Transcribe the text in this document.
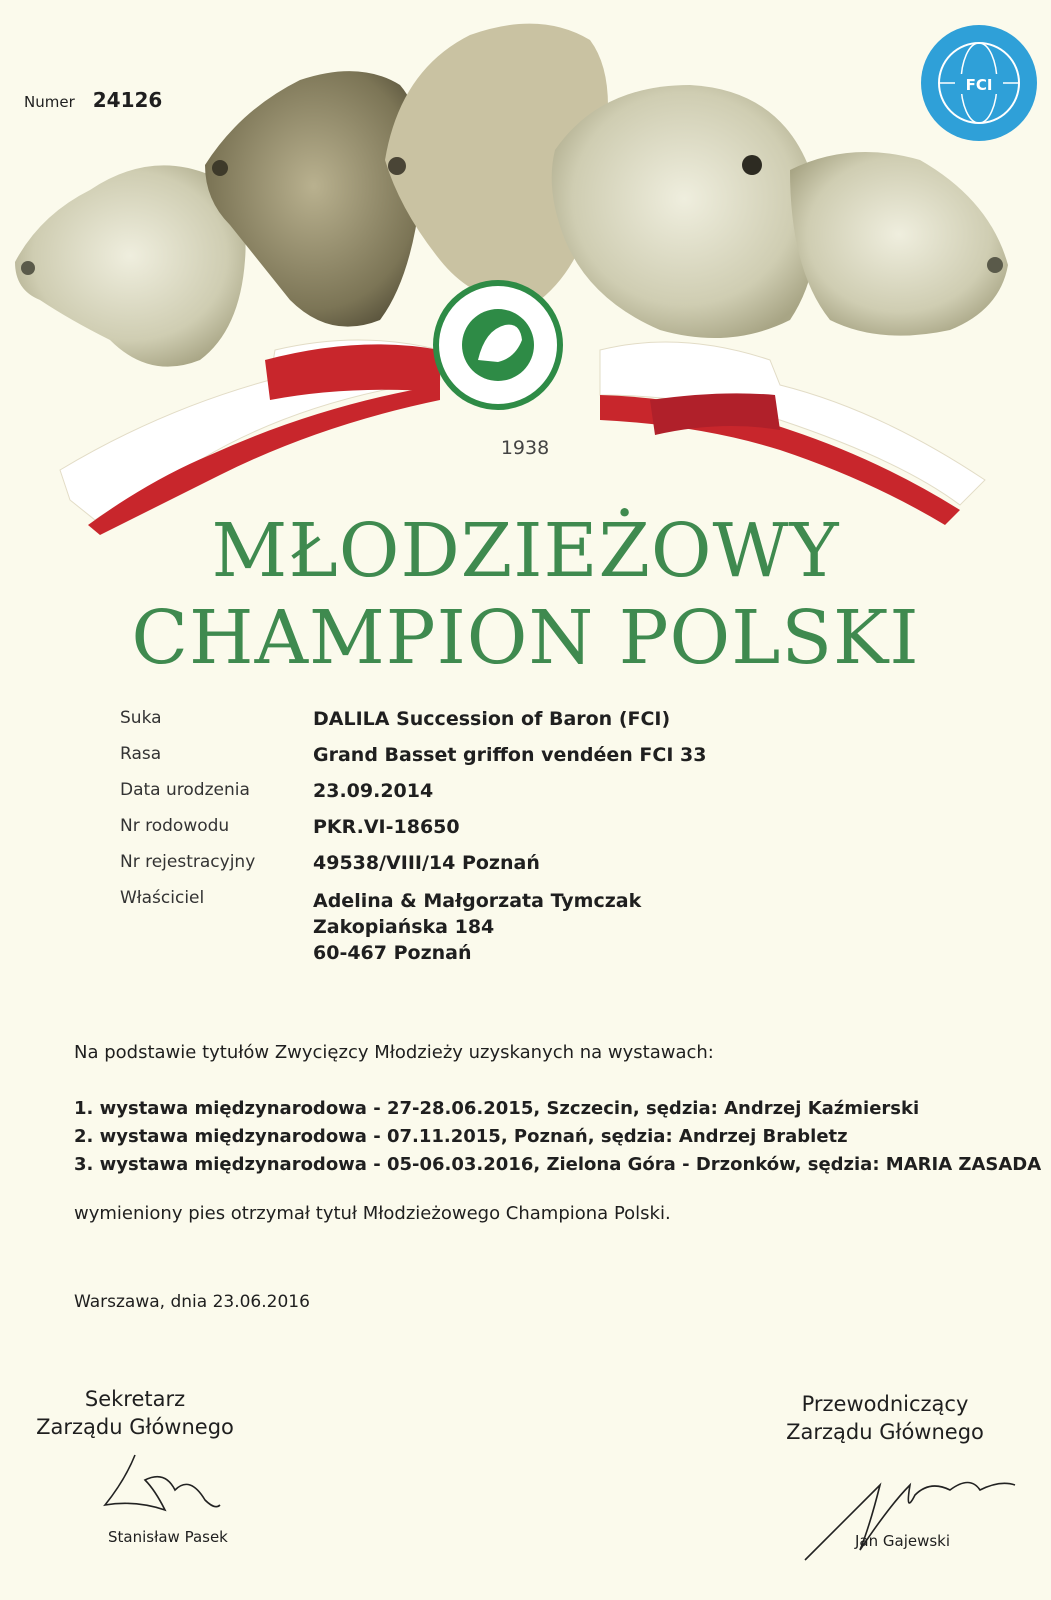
FCI
Numer 24126
1938
MŁODZIEŻOWY
CHAMPION POLSKI
Suka	DALILA Succession of Baron (FCI)
Rasa	Grand Basset griffon vendéen FCI 33
Data urodzenia	23.09.2014
Nr rodowodu	PKR.VI-18650
Nr rejestracyjny	49538/VIII/14 Poznań
Właściciel	Adelina & Małgorzata Tymczak
Zakopiańska 184
60-467 Poznań
Na podstawie tytułów Zwycięzcy Młodzieży uzyskanych na wystawach:
1. wystawa międzynarodowa - 27-28.06.2015, Szczecin, sędzia: Andrzej Kaźmierski
2. wystawa międzynarodowa - 07.11.2015, Poznań, sędzia: Andrzej Brabletz
3. wystawa międzynarodowa - 05-06.03.2016, Zielona Góra - Drzonków, sędzia: MARIA ZASADA
wymieniony pies otrzymał tytuł Młodzieżowego Championa Polski.
Warszawa, dnia 23.06.2016
Sekretarz
Zarządu Głównego
Stanisław Pasek
Przewodniczący
Zarządu Głównego
Jan Gajewski
